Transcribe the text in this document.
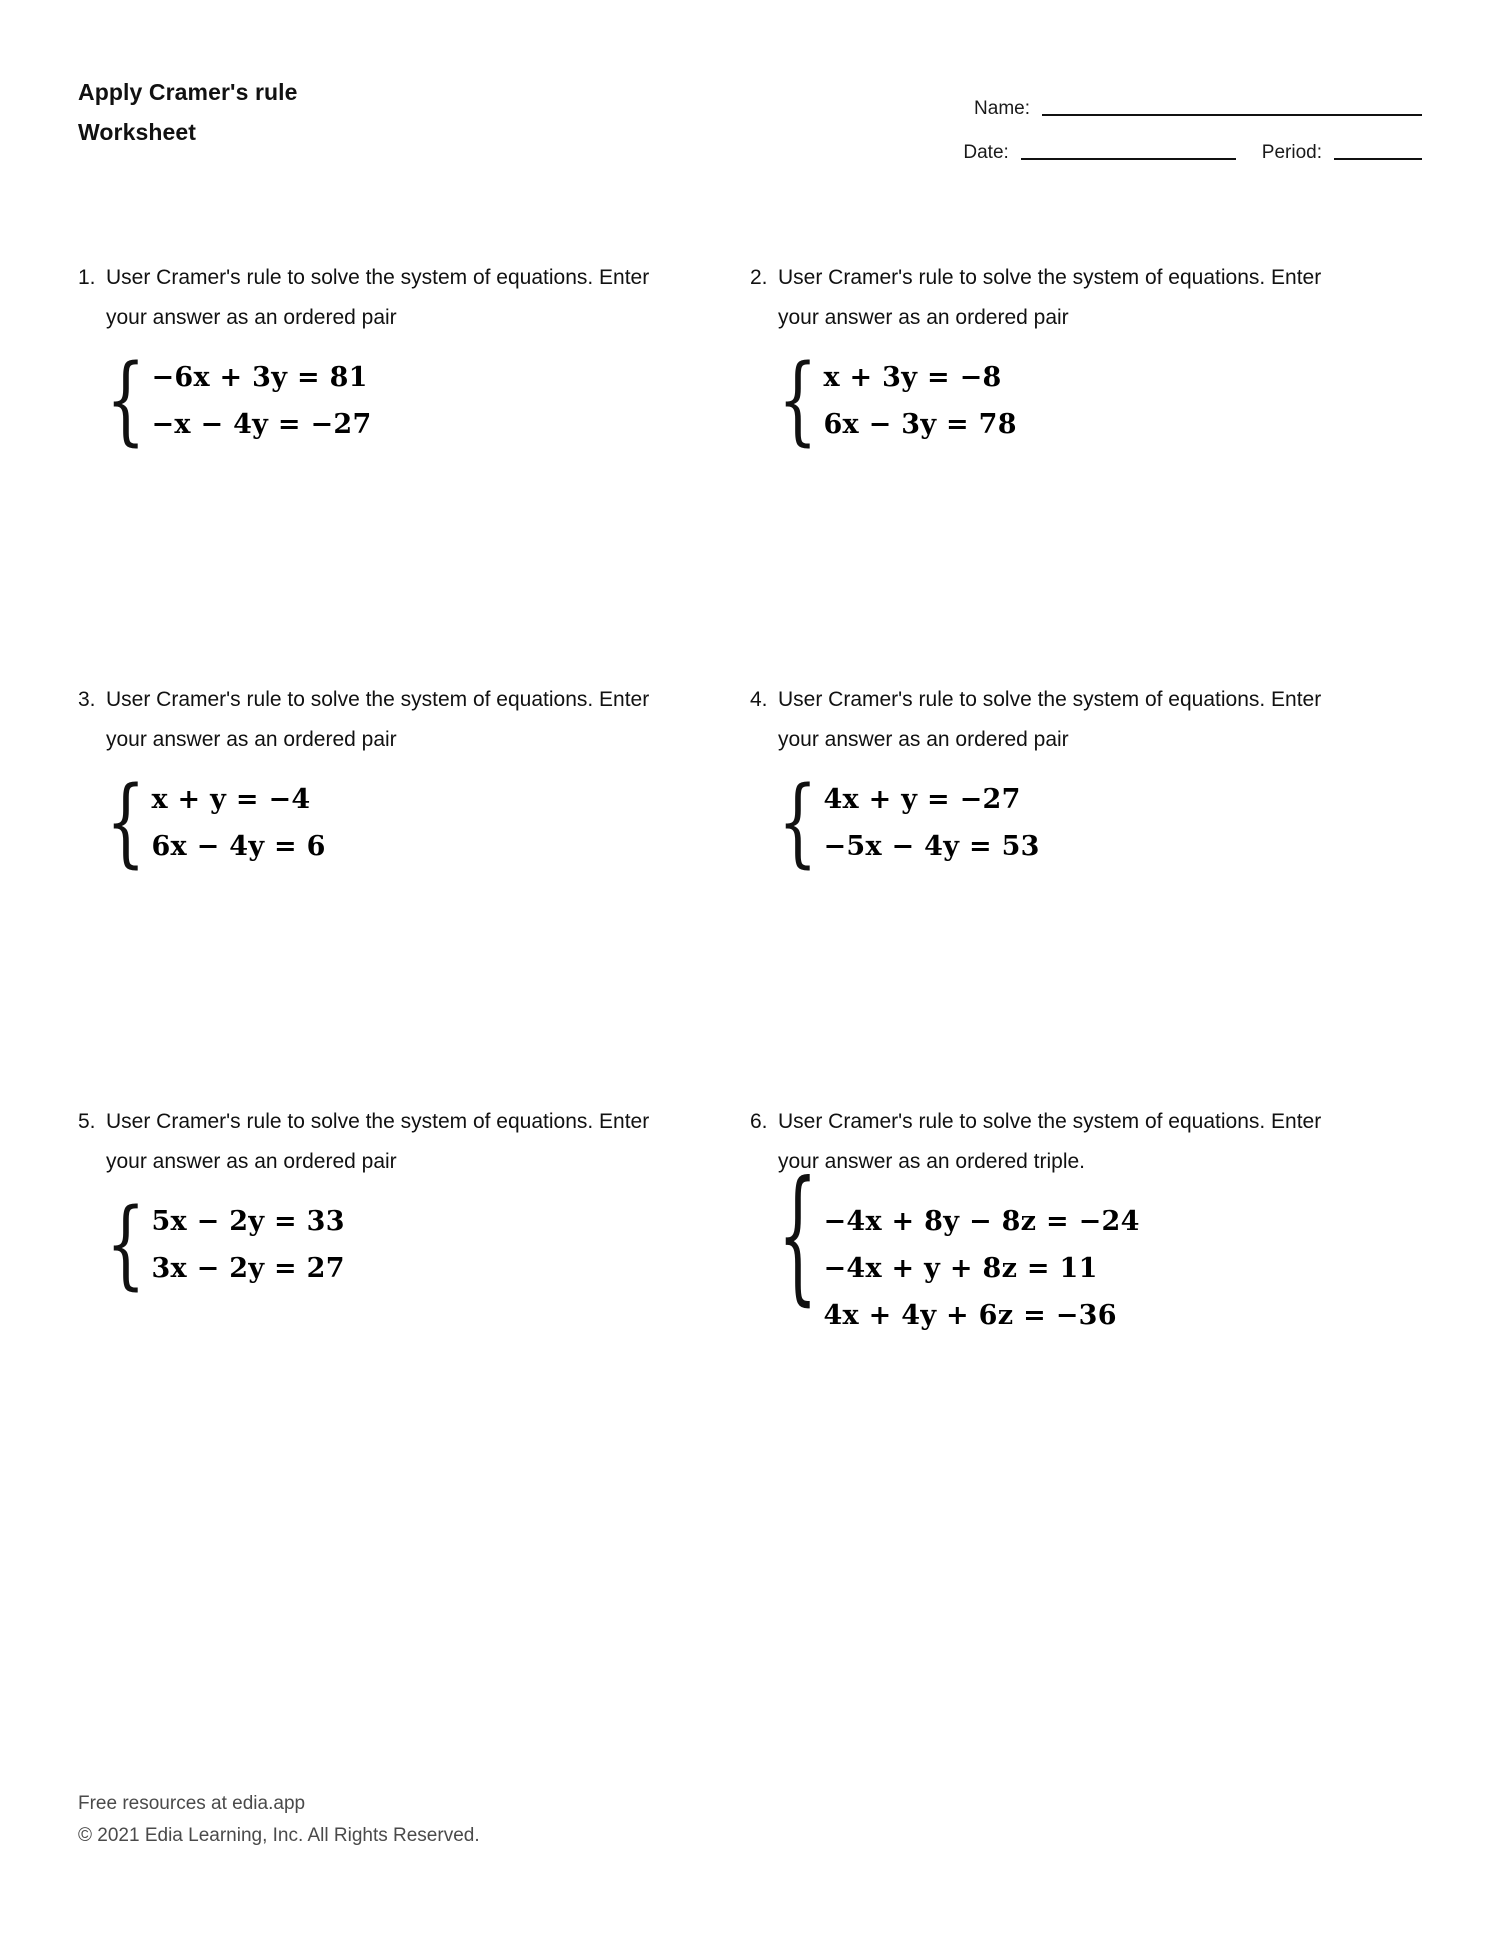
Apply Cramer's rule
Worksheet
Name:
Date:	Period:
1. User Cramer's rule to solve the system of equations. Enter your answer as an ordered pair
{ −6x + 3y = 81
−x − 4y = −27
2. User Cramer's rule to solve the system of equations. Enter your answer as an ordered pair
{ x + 3y = −8
6x − 3y = 78
3. User Cramer's rule to solve the system of equations. Enter your answer as an ordered pair
{ x + y = −4
6x − 4y = 6
4. User Cramer's rule to solve the system of equations. Enter your answer as an ordered pair
{ 4x + y = −27
−5x − 4y = 53
5. User Cramer's rule to solve the system of equations. Enter your answer as an ordered pair
{ 5x − 2y = 33
3x − 2y = 27
6. User Cramer's rule to solve the system of equations. Enter your answer as an ordered triple.
{ −4x + 8y − 8z = −24
−4x + y + 8z = 11
4x + 4y + 6z = −36
Free resources at edia.app
© 2021 Edia Learning, Inc. All Rights Reserved.
